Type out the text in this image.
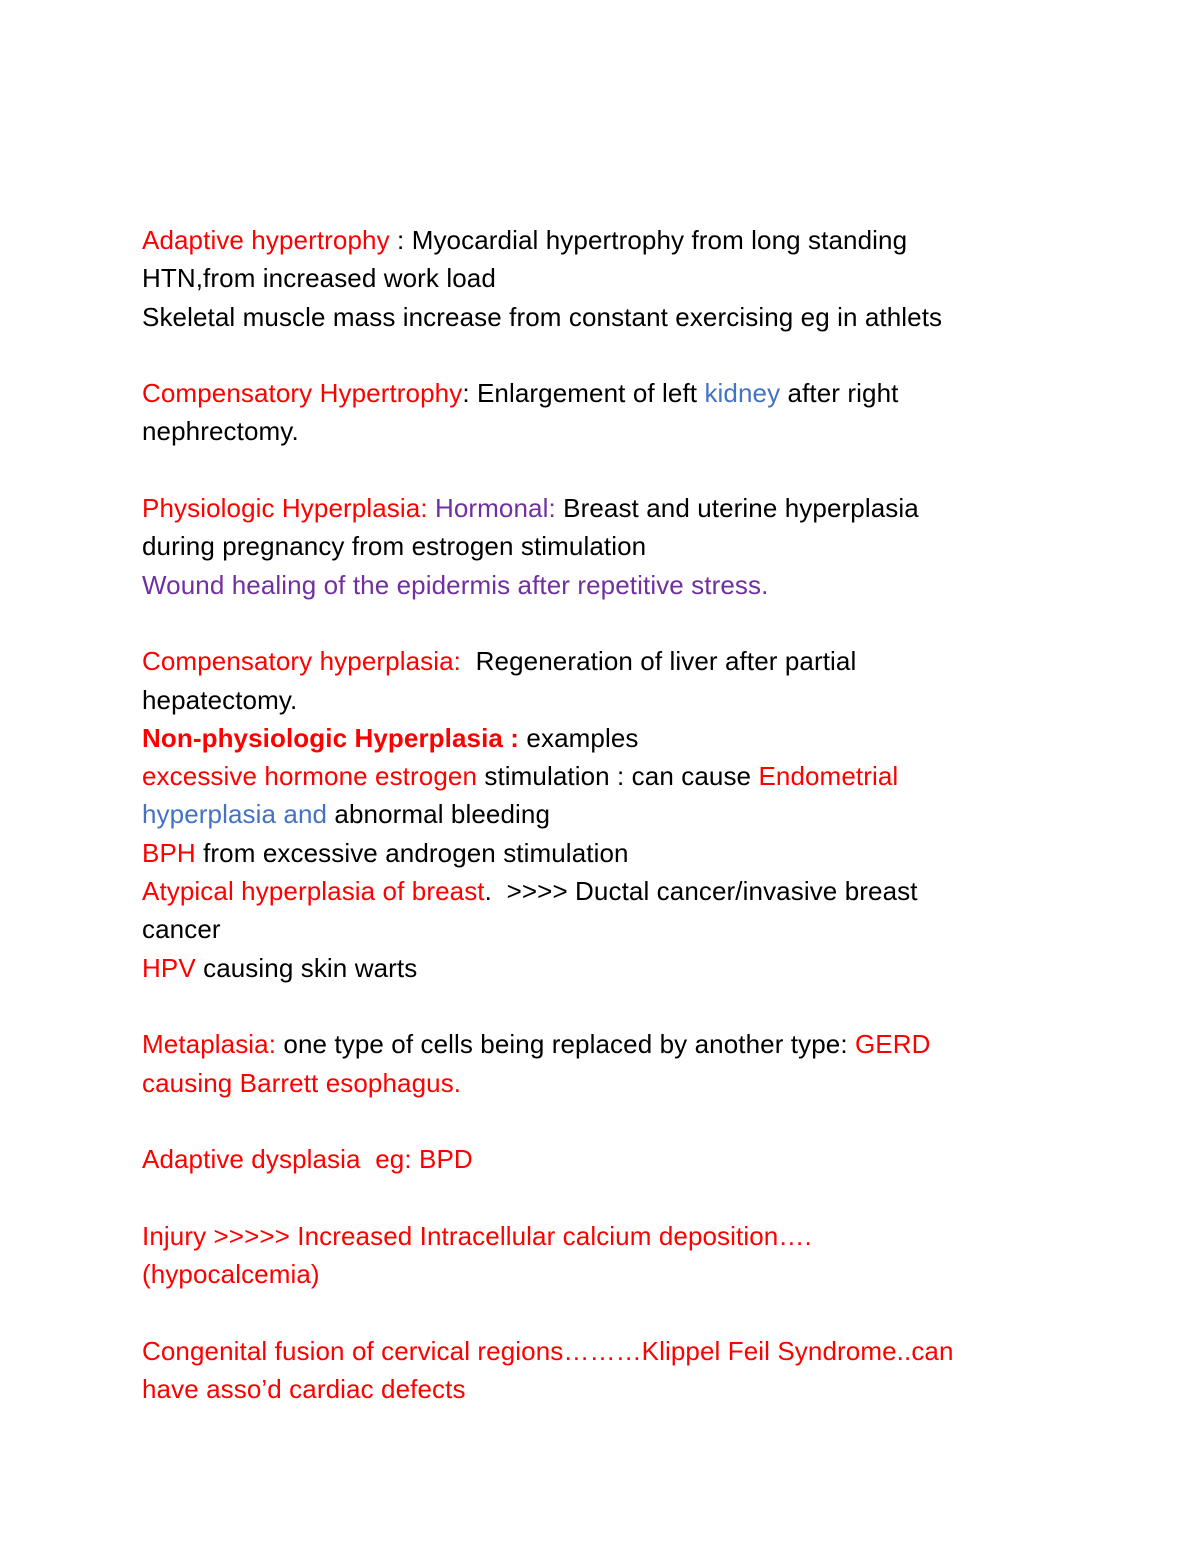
Adaptive hypertrophy : Myocardial hypertrophy from long standing
HTN,from increased work load
Skeletal muscle mass increase from constant exercising eg in athlets
Compensatory Hypertrophy: Enlargement of left kidney after right
nephrectomy.
Physiologic Hyperplasia: Hormonal: Breast and uterine hyperplasia
during pregnancy from estrogen stimulation
Wound healing of the epidermis after repetitive stress.
Compensatory hyperplasia:  Regeneration of liver after partial
hepatectomy.
Non-physiologic Hyperplasia : examples
excessive hormone estrogen stimulation : can cause Endometrial
hyperplasia and abnormal bleeding
BPH from excessive androgen stimulation
Atypical hyperplasia of breast.  >>>> Ductal cancer/invasive breast
cancer
HPV causing skin warts
Metaplasia: one type of cells being replaced by another type: GERD
causing Barrett esophagus.
Adaptive dysplasia  eg: BPD
Injury >>>>> Increased Intracellular calcium deposition….
(hypocalcemia)
Congenital fusion of cervical regions………Klippel Feil Syndrome..can
have asso’d cardiac defects
